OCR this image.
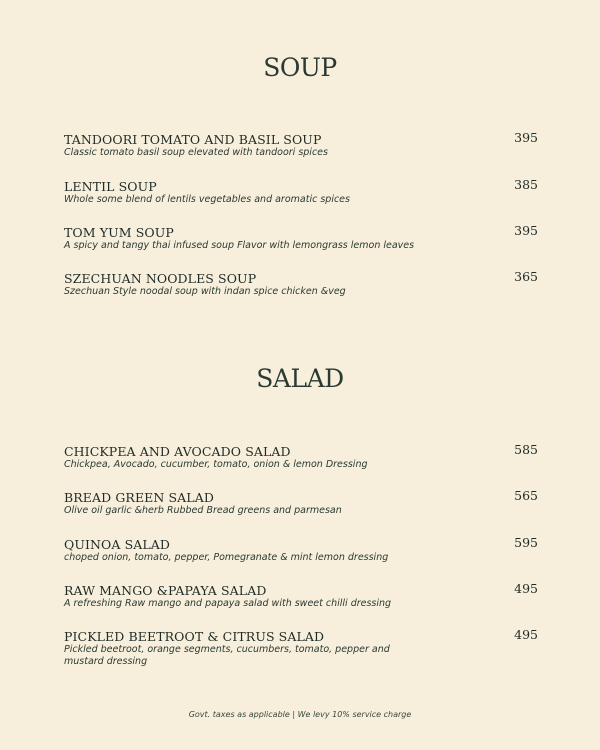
SOUP
TANDOORI TOMATO AND BASIL SOUP
Classic tomato basil soup elevated with tandoori spices
395
LENTIL SOUP
Whole some blend of lentils vegetables and aromatic spices
385
TOM YUM SOUP
A spicy and tangy thai infused soup Flavor with lemongrass lemon leaves
395
SZECHUAN NOODLES SOUP
Szechuan Style noodal soup with indan spice chicken &veg
365
SALAD
CHICKPEA AND AVOCADO SALAD
Chickpea, Avocado, cucumber, tomato, onion & lemon Dressing
585
BREAD GREEN SALAD
Olive oil garlic &herb Rubbed Bread greens and parmesan
565
QUINOA SALAD
choped onion, tomato, pepper, Pomegranate & mint lemon dressing
595
RAW MANGO &PAPAYA SALAD
A refreshing Raw mango and papaya salad with sweet chilli dressing
495
PICKLED BEETROOT & CITRUS SALAD
Pickled beetroot, orange segments, cucumbers, tomato, pepper and mustard dressing
495
Govt. taxes as applicable | We levy 10% service charge
